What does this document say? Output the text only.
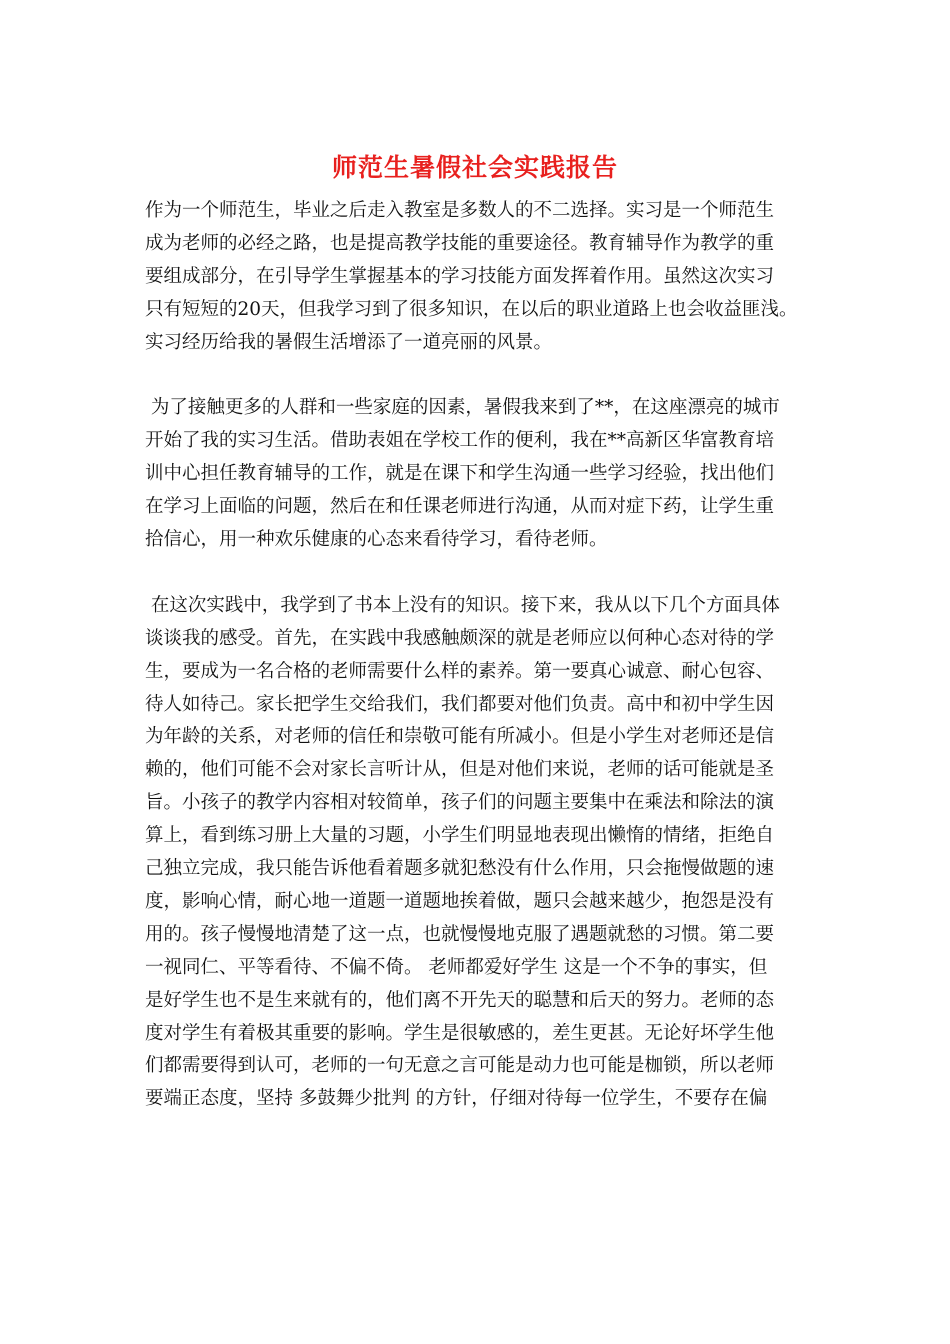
师范生暑假社会实践报告
作为一个师范生，毕业之后走入教室是多数人的不二选择。实习是一个师范生
成为老师的必经之路，也是提高教学技能的重要途径。教育辅导作为教学的重
要组成部分，在引导学生掌握基本的学习技能方面发挥着作用。虽然这次实习
只有短短的20天，但我学习到了很多知识，在以后的职业道路上也会收益匪浅。
实习经历给我的暑假生活增添了一道亮丽的风景。
为了接触更多的人群和一些家庭的因素，暑假我来到了**，在这座漂亮的城市
开始了我的实习生活。借助表姐在学校工作的便利，我在**高新区华富教育培
训中心担任教育辅导的工作，就是在课下和学生沟通一些学习经验，找出他们
在学习上面临的问题，然后在和任课老师进行沟通，从而对症下药，让学生重
拾信心，用一种欢乐健康的心态来看待学习，看待老师。
在这次实践中，我学到了书本上没有的知识。接下来，我从以下几个方面具体
谈谈我的感受。首先，在实践中我感触颇深的就是老师应以何种心态对待的学
生，要成为一名合格的老师需要什么样的素养。第一要真心诚意、耐心包容、
待人如待己。家长把学生交给我们，我们都要对他们负责。高中和初中学生因
为年龄的关系，对老师的信任和崇敬可能有所减小。但是小学生对老师还是信
赖的，他们可能不会对家长言听计从，但是对他们来说，老师的话可能就是圣
旨。小孩子的教学内容相对较简单，孩子们的问题主要集中在乘法和除法的演
算上，看到练习册上大量的习题，小学生们明显地表现出懒惰的情绪，拒绝自
己独立完成，我只能告诉他看着题多就犯愁没有什么作用，只会拖慢做题的速
度，影响心情，耐心地一道题一道题地挨着做，题只会越来越少，抱怨是没有
用的。孩子慢慢地清楚了这一点，也就慢慢地克服了遇题就愁的习惯。第二要
一视同仁、平等看待、不偏不倚。 老师都爱好学生 这是一个不争的事实，但
是好学生也不是生来就有的，他们离不开先天的聪慧和后天的努力。老师的态
度对学生有着极其重要的影响。学生是很敏感的，差生更甚。无论好坏学生他
们都需要得到认可，老师的一句无意之言可能是动力也可能是枷锁，所以老师
要端正态度，坚持 多鼓舞少批判 的方针，仔细对待每一位学生，不要存在偏
